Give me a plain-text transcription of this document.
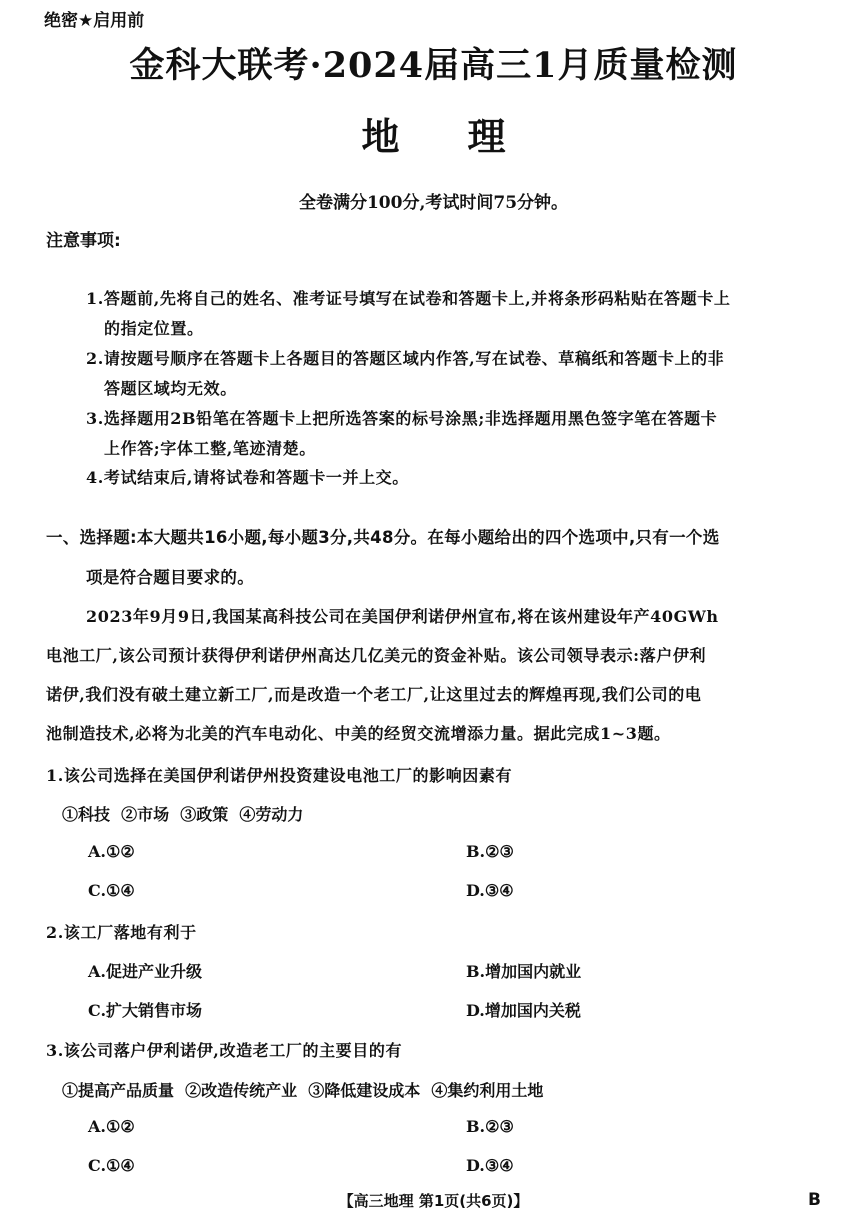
绝密★启用前
金科大联考·2024届高三1月质量检测
地 理
全卷满分100分,考试时间75分钟。
注意事项:
1.答题前,先将自己的姓名、准考证号填写在试卷和答题卡上,并将条形码粘贴在答题卡上
的指定位置。
2.请按题号顺序在答题卡上各题目的答题区域内作答,写在试卷、草稿纸和答题卡上的非
答题区域均无效。
3.选择题用2B铅笔在答题卡上把所选答案的标号涂黑;非选择题用黑色签字笔在答题卡
上作答;字体工整,笔迹清楚。
4.考试结束后,请将试卷和答题卡一并上交。
一、选择题:本大题共16小题,每小题3分,共48分。在每小题给出的四个选项中,只有一个选
项是符合题目要求的。
2023年9月9日,我国某高科技公司在美国伊利诺伊州宣布,将在该州建设年产40GWh
电池工厂,该公司预计获得伊利诺伊州高达几亿美元的资金补贴。该公司领导表示:落户伊利
诺伊,我们没有破土建立新工厂,而是改造一个老工厂,让这里过去的辉煌再现,我们公司的电
池制造技术,必将为北美的汽车电动化、中美的经贸交流增添力量。据此完成1~3题。
1.该公司选择在美国伊利诺伊州投资建设电池工厂的影响因素有
①科技  ②市场  ③政策  ④劳动力
A.①②	B.②③
C.①④	D.③④
2.该工厂落地有利于
A.促进产业升级	B.增加国内就业
C.扩大销售市场	D.增加国内关税
3.该公司落户伊利诺伊,改造老工厂的主要目的有
①提高产品质量  ②改造传统产业  ③降低建设成本  ④集约利用土地
A.①②	B.②③
C.①④	D.③④
【高三地理 第1页(共6页)】	B
